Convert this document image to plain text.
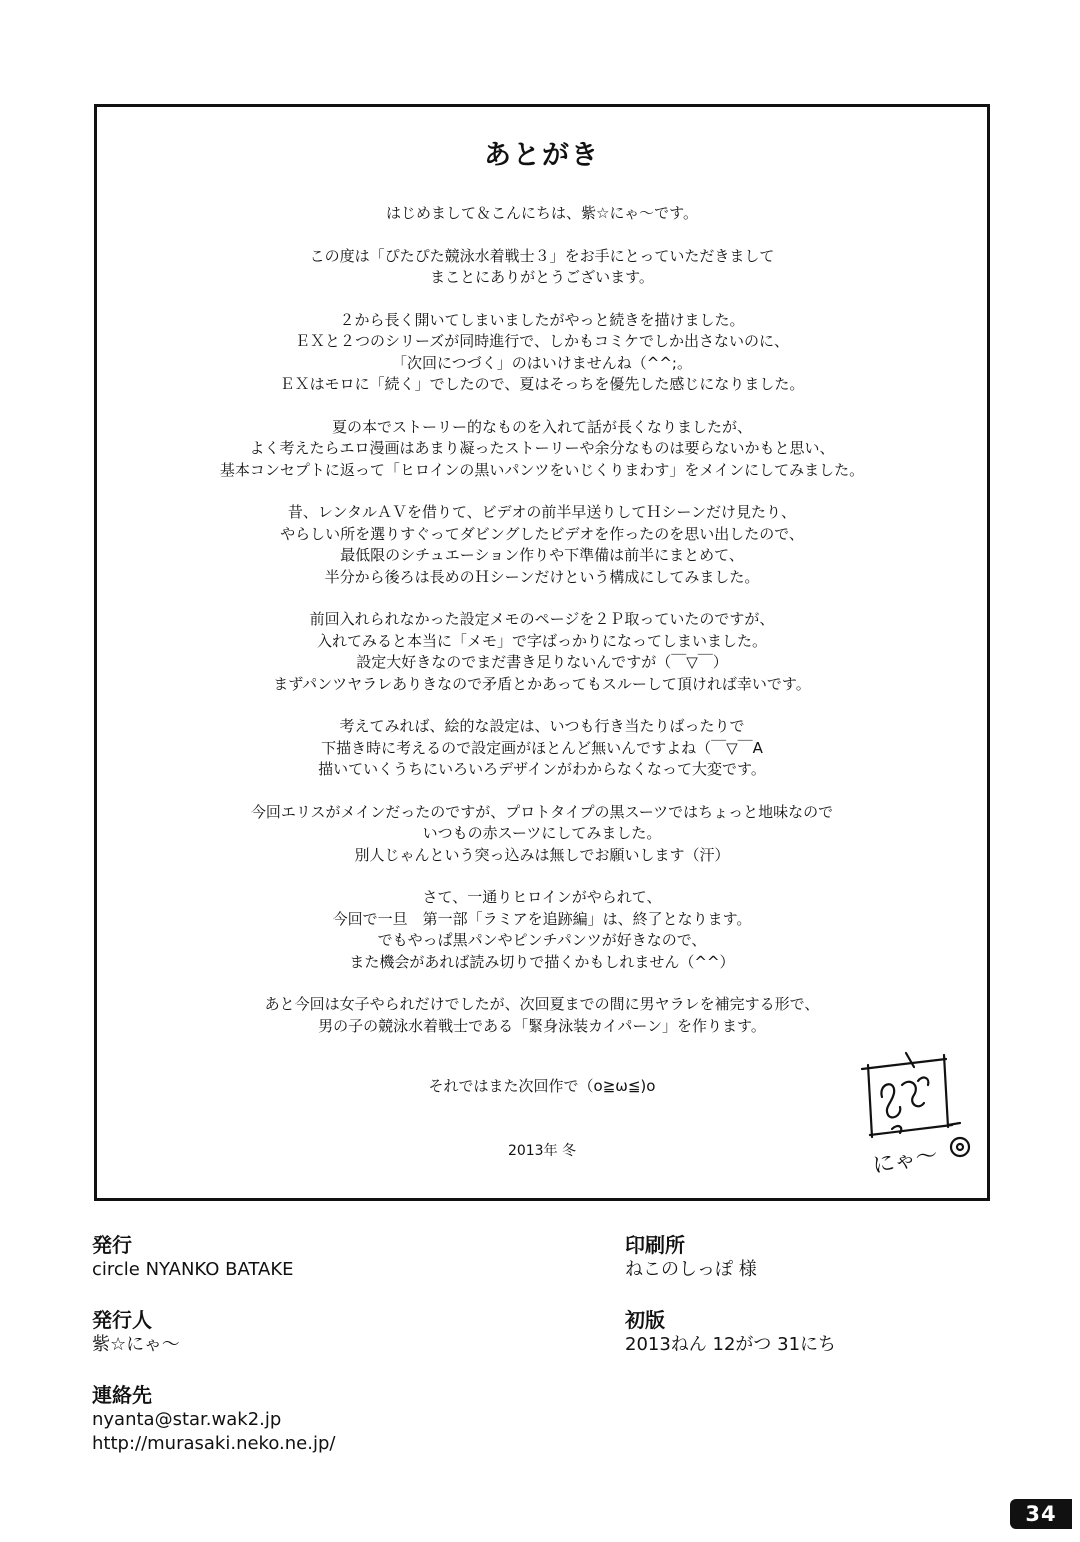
あとがき

はじめまして＆こんにちは、紫☆にゃ〜です。

この度は「ぴたぴた競泳水着戦士３」をお手にとっていただきまして
まことにありがとうございます。

２から長く開いてしまいましたがやっと続きを描けました。
ＥＸと２つのシリーズが同時進行で、しかもコミケでしか出さないのに、
「次回につづく」のはいけませんね（^^;。
ＥＸはモロに「続く」でしたので、夏はそっちを優先した感じになりました。

夏の本でストーリー的なものを入れて話が長くなりましたが、
よく考えたらエロ漫画はあまり凝ったストーリーや余分なものは要らないかもと思い、
基本コンセプトに返って「ヒロインの黒いパンツをいじくりまわす」をメインにしてみました。

昔、レンタルＡＶを借りて、ビデオの前半早送りしてＨシーンだけ見たり、
やらしい所を選りすぐってダビングしたビデオを作ったのを思い出したので、
最低限のシチュエーション作りや下準備は前半にまとめて、
半分から後ろは長めのＨシーンだけという構成にしてみました。

前回入れられなかった設定メモのページを２Ｐ取っていたのですが、
入れてみると本当に「メモ」で字ばっかりになってしまいました。
設定大好きなのでまだ書き足りないんですが（￣▽￣）
まずパンツヤラレありきなので矛盾とかあってもスルーして頂ければ幸いです。

考えてみれば、絵的な設定は、いつも行き当たりばったりで
下描き時に考えるので設定画がほとんど無いんですよね（￣▽￣A
描いていくうちにいろいろデザインがわからなくなって大変です。

今回エリスがメインだったのですが、プロトタイプの黒スーツではちょっと地味なので
いつもの赤スーツにしてみました。
別人じゃんという突っ込みは無しでお願いします（汗）

さて、一通りヒロインがやられて、
今回で一旦　第一部「ラミアを追跡編」は、終了となります。
でもやっぱ黒パンやピンチパンツが好きなので、
また機会があれば読み切りで描くかもしれません（^^）

あと今回は女子やられだけでしたが、次回夏までの間に男ヤラレを補完する形で、
男の子の競泳水着戦士である「緊身泳装カイパーン」を作ります。

それではまた次回作で（o≧ω≦)o
2013年 冬	にゃ〜
発行
circle NYANKO BATAKE
発行人
紫☆にゃ〜
連絡先
nyanta@star.wak2.jp
http://murasaki.neko.ne.jp/
印刷所
ねこのしっぽ 様
初版
2013ねん 12がつ 31にち
34
